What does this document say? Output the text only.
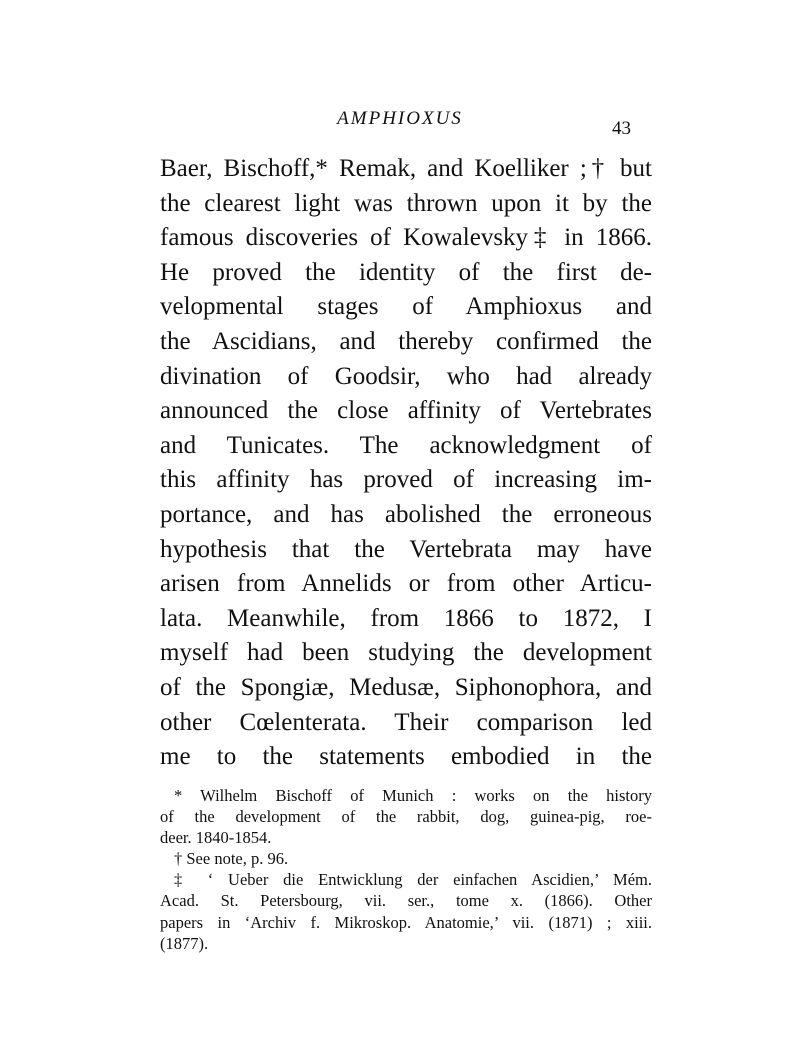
AMPHIOXUS	43
Baer, Bischoff,* Remak, and Koelliker ;† but
the clearest light was thrown upon it by the
famous discoveries of Kowalevsky‡ in 1866.
He proved the identity of the first de-
velopmental stages of Amphioxus and
the Ascidians, and thereby confirmed the
divination of Goodsir, who had already
announced the close affinity of Vertebrates
and Tunicates. The acknowledgment of
this affinity has proved of increasing im-
portance, and has abolished the erroneous
hypothesis that the Vertebrata may have
arisen from Annelids or from other Articu-
lata. Meanwhile, from 1866 to 1872, I
myself had been studying the development
of the Spongiæ, Medusæ, Siphonophora, and
other Cœlenterata. Their comparison led
me to the statements embodied in the
* Wilhelm Bischoff of Munich : works on the history
of the development of the rabbit, dog, guinea-pig, roe-
deer. 1840-1854.
† See note, p. 96.
‡ ‘ Ueber die Entwicklung der einfachen Ascidien,’ Mém.
Acad. St. Petersbourg, vii. ser., tome x. (1866). Other
papers in ‘Archiv f. Mikroskop. Anatomie,’ vii. (1871) ; xiii.
(1877).
